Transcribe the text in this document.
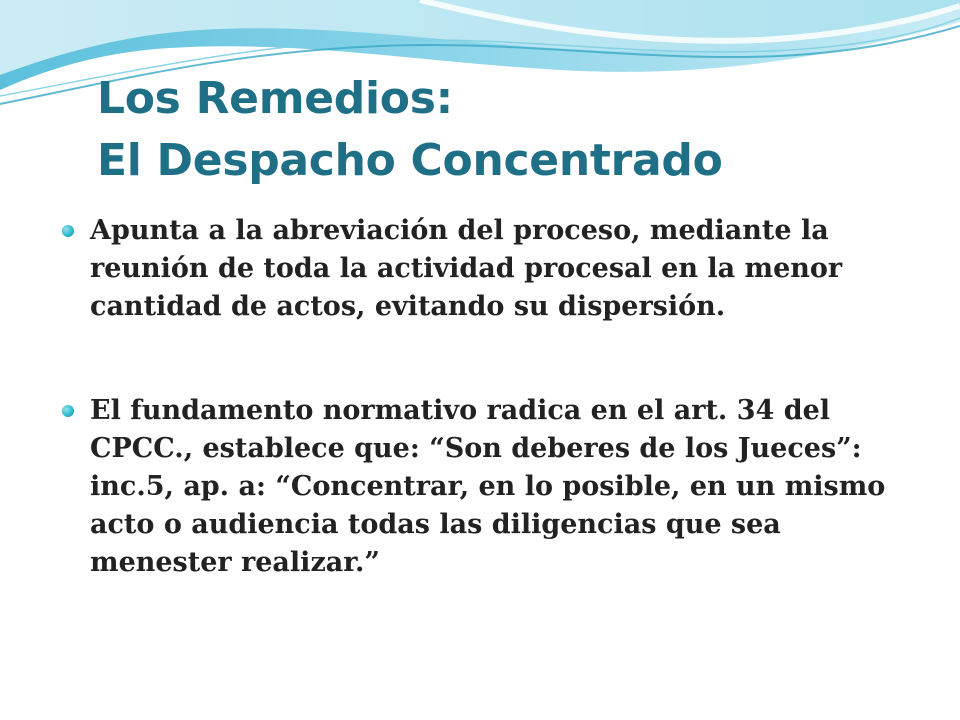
Los Remedios:
El Despacho Concentrado
Apunta a la abreviación del proceso, mediante la reunión de toda la actividad procesal en la menor cantidad de actos, evitando su dispersión.
El fundamento normativo radica en el art. 34 del CPCC., establece que: “Son deberes de los Jueces”: inc.5, ap. a: “Concentrar, en lo posible, en un mismo acto o audiencia todas las diligencias que sea menester realizar.”
